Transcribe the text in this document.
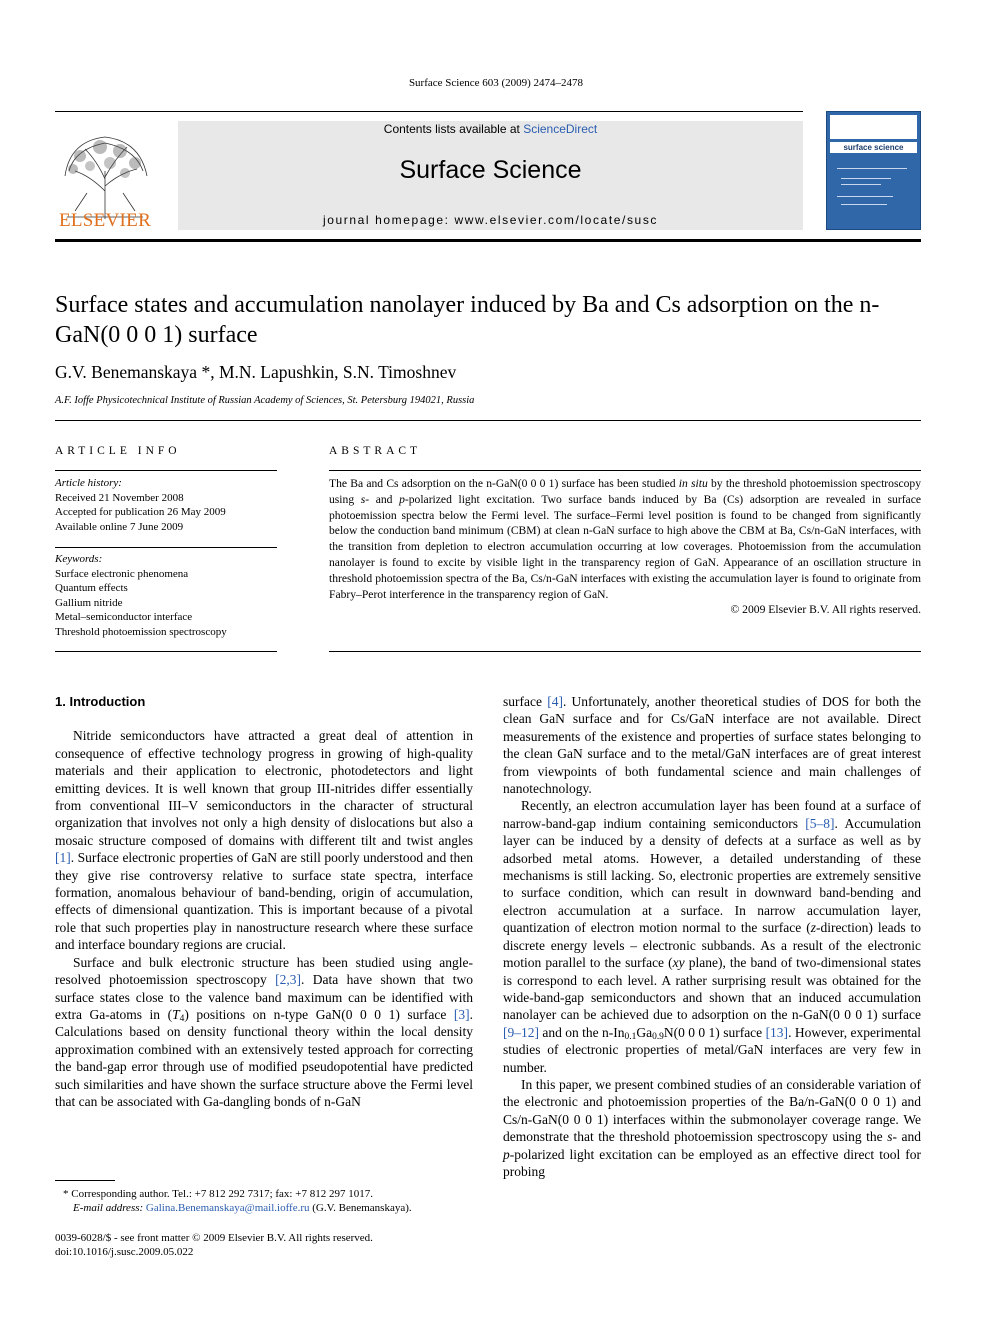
Surface Science 603 (2009) 2474–2478
Contents lists available at ScienceDirect
Surface Science
journal homepage: www.elsevier.com/locate/susc
ELSEVIER
surface science
Surface states and accumulation nanolayer induced by Ba and Cs adsorption on the n-GaN(0 0 0 1) surface
G.V. Benemanskaya *, M.N. Lapushkin, S.N. Timoshnev
A.F. Ioffe Physicotechnical Institute of Russian Academy of Sciences, St. Petersburg 194021, Russia
ARTICLE INFO
Article history:
Received 21 November 2008
Accepted for publication 26 May 2009
Available online 7 June 2009
Keywords:
Surface electronic phenomena
Quantum effects
Gallium nitride
Metal–semiconductor interface
Threshold photoemission spectroscopy
ABSTRACT
The Ba and Cs adsorption on the n-GaN(0 0 0 1) surface has been studied in situ by the threshold photoemission spectroscopy using s- and p-polarized light excitation. Two surface bands induced by Ba (Cs) adsorption are revealed in surface photoemission spectra below the Fermi level. The surface–Fermi level position is found to be changed from significantly below the conduction band minimum (CBM) at clean n-GaN surface to high above the CBM at Ba, Cs/n-GaN interfaces, with the transition from depletion to electron accumulation occurring at low coverages. Photoemission from the accumulation nanolayer is found to excite by visible light in the transparency region of GaN. Appearance of an oscillation structure in threshold photoemission spectra of the Ba, Cs/n-GaN interfaces with existing the accumulation layer is found to originate from Fabry–Perot interference in the transparency region of GaN.
© 2009 Elsevier B.V. All rights reserved.
1. Introduction

Nitride semiconductors have attracted a great deal of attention in consequence of effective technology progress in growing of high-quality materials and their application to electronic, photodetectors and light emitting devices. It is well known that group III-nitrides differ essentially from conventional III–V semiconductors in the character of structural organization that involves not only a high density of dislocations but also a mosaic structure composed of domains with different tilt and twist angles [1]. Surface electronic properties of GaN are still poorly understood and then they give rise controversy relative to surface state spectra, interface formation, anomalous behaviour of band-bending, origin of accumulation, effects of dimensional quantization. This is important because of a pivotal role that such properties play in nanostructure research where these surface and interface boundary regions are crucial.

Surface and bulk electronic structure has been studied using angle-resolved photoemission spectroscopy [2,3]. Data have shown that two surface states close to the valence band maximum can be identified with extra Ga-atoms in $(T_4)$ positions on n-type GaN(0 0 0 1) surface [3]. Calculations based on density functional theory within the local density approximation combined with an extensively tested approach for correcting the band-gap error through use of modified pseudopotential have predicted such similarities and have shown the surface structure above the Fermi level that can be associated with Ga-dangling bonds of n-GaN

* Corresponding author. Tel.: +7 812 292 7317; fax: +7 812 297 1017.
E-mail address: Galina.Benemanskaya@mail.ioffe.ru (G.V. Benemanskaya).
0039-6028/$ - see front matter © 2009 Elsevier B.V. All rights reserved.
doi:10.1016/j.susc.2009.05.022

surface [4]. Unfortunately, another theoretical studies of DOS for both the clean GaN surface and for Cs/GaN interface are not available. Direct measurements of the existence and properties of surface states belonging to the clean GaN surface and to the metal/GaN interfaces are of great interest from viewpoints of both fundamental science and main challenges of nanotechnology.

Recently, an electron accumulation layer has been found at a surface of narrow-band-gap indium containing semiconductors [5–8]. Accumulation layer can be induced by a density of defects at a surface as well as by adsorbed metal atoms. However, a detailed understanding of these mechanisms is still lacking. So, electronic properties are extremely sensitive to surface condition, which can result in downward band-bending and electron accumulation at a surface. In narrow accumulation layer, quantization of electron motion normal to the surface (z-direction) leads to discrete energy levels – electronic subbands. As a result of the electronic motion parallel to the surface (xy plane), the band of two-dimensional states is correspond to each level. A rather surprising result was obtained for the wide-band-gap semiconductors and shown that an induced accumulation nanolayer can be achieved due to adsorption on the n-GaN(0 0 0 1) surface [9–12] and on the $n-In_{0.1}Ga_{0.9}N(0$ 0 0 1) surface [13]. However, experimental studies of electronic properties of metal/GaN interfaces are very few in number.

In this paper, we present combined studies of an considerable variation of the electronic and photoemission properties of the Ba/n-GaN(0 0 0 1) and Cs/n-GaN(0 0 0 1) interfaces within the submonolayer coverage range. We demonstrate that the threshold photoemission spectroscopy using the s- and p-polarized light excitation can be employed as an effective direct tool for probing
